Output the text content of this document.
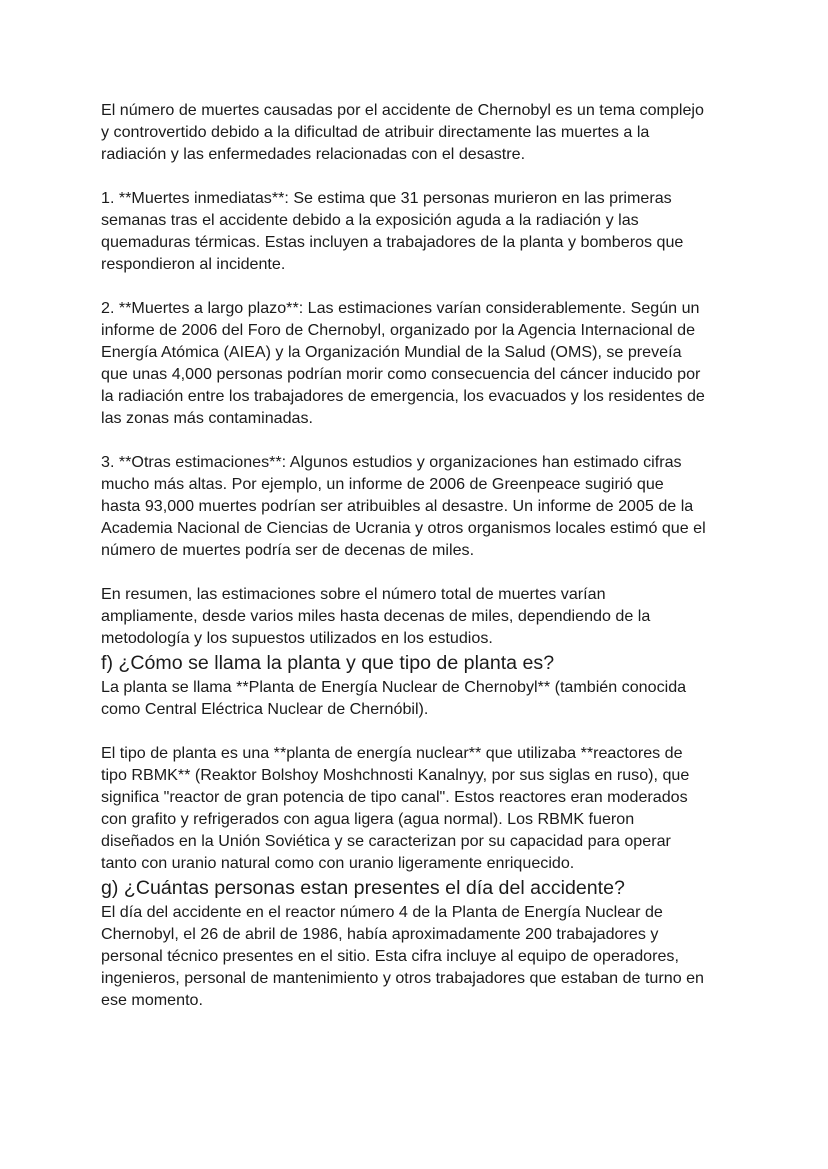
El número de muertes causadas por el accidente de Chernobyl es un tema complejo
y controvertido debido a la dificultad de atribuir directamente las muertes a la
radiación y las enfermedades relacionadas con el desastre.

1. **Muertes inmediatas**: Se estima que 31 personas murieron en las primeras
semanas tras el accidente debido a la exposición aguda a la radiación y las
quemaduras térmicas. Estas incluyen a trabajadores de la planta y bomberos que
respondieron al incidente.

2. **Muertes a largo plazo**: Las estimaciones varían considerablemente. Según un
informe de 2006 del Foro de Chernobyl, organizado por la Agencia Internacional de
Energía Atómica (AIEA) y la Organización Mundial de la Salud (OMS), se preveía
que unas 4,000 personas podrían morir como consecuencia del cáncer inducido por
la radiación entre los trabajadores de emergencia, los evacuados y los residentes de
las zonas más contaminadas.

3. **Otras estimaciones**: Algunos estudios y organizaciones han estimado cifras
mucho más altas. Por ejemplo, un informe de 2006 de Greenpeace sugirió que
hasta 93,000 muertes podrían ser atribuibles al desastre. Un informe de 2005 de la
Academia Nacional de Ciencias de Ucrania y otros organismos locales estimó que el
número de muertes podría ser de decenas de miles.

En resumen, las estimaciones sobre el número total de muertes varían
ampliamente, desde varios miles hasta decenas de miles, dependiendo de la
metodología y los supuestos utilizados en los estudios.

f) ¿Cómo se llama la planta y que tipo de planta es?

La planta se llama **Planta de Energía Nuclear de Chernobyl** (también conocida
como Central Eléctrica Nuclear de Chernóbil).

El tipo de planta es una **planta de energía nuclear** que utilizaba **reactores de
tipo RBMK** (Reaktor Bolshoy Moshchnosti Kanalnyy, por sus siglas en ruso), que
significa "reactor de gran potencia de tipo canal". Estos reactores eran moderados
con grafito y refrigerados con agua ligera (agua normal). Los RBMK fueron
diseñados en la Unión Soviética y se caracterizan por su capacidad para operar
tanto con uranio natural como con uranio ligeramente enriquecido.

g) ¿Cuántas personas estan presentes el día del accidente?

El día del accidente en el reactor número 4 de la Planta de Energía Nuclear de
Chernobyl, el 26 de abril de 1986, había aproximadamente 200 trabajadores y
personal técnico presentes en el sitio. Esta cifra incluye al equipo de operadores,
ingenieros, personal de mantenimiento y otros trabajadores que estaban de turno en
ese momento.
